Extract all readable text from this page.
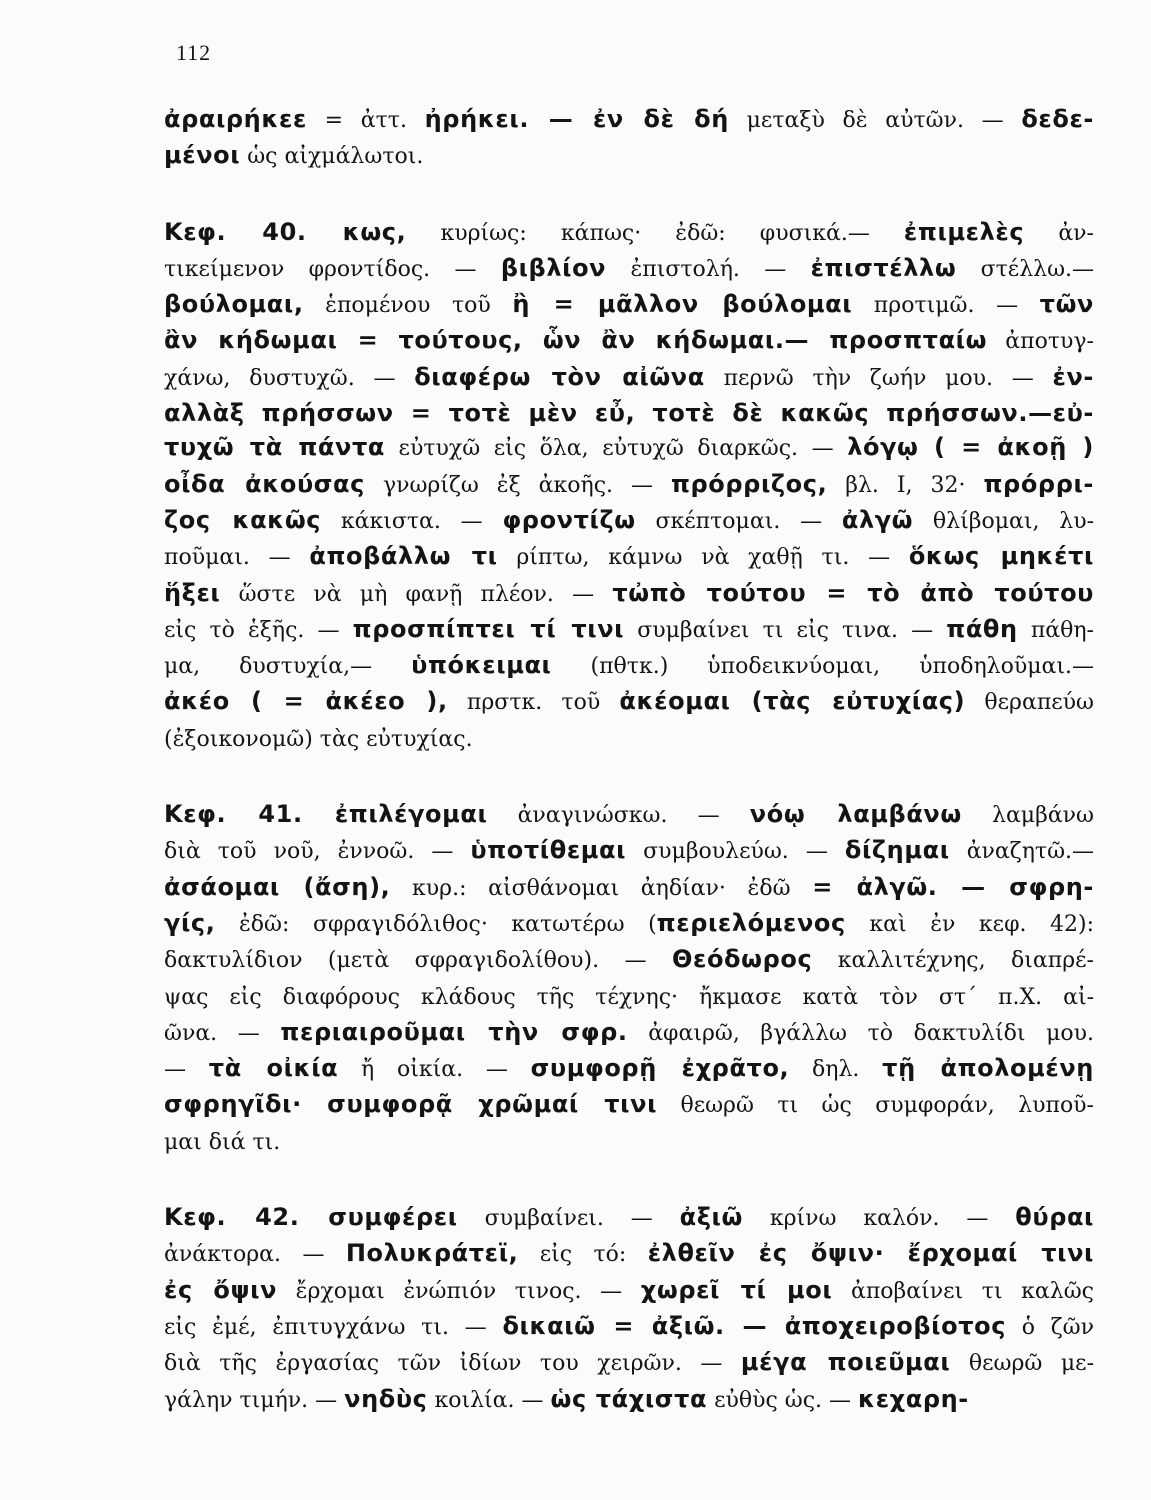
112
ἀραιρήκεε = ἀττ. ἠρήκει. — ἐν δὲ δή μεταξὺ δὲ αὐτῶν. — δεδε-
μένοι ὡς αἰχμάλωτοι.
Κεφ. 40. κως, κυρίως: κάπως· ἐδῶ: φυσικά.— ἐπιμελὲς ἀν-
τικείμενον φροντίδος. — βιβλίον ἐπιστολή. — ἐπιστέλλω στέλλω.—
βούλομαι, ἑπομένου τοῦ ἢ = μᾶλλον βούλομαι προτιμῶ. — τῶν
ἂν κήδωμαι = τούτους, ὧν ἂν κήδωμαι.— προσπταίω ἀποτυγ-
χάνω, δυστυχῶ. — διαφέρω τὸν αἰῶνα περνῶ τὴν ζωήν μου. — ἐν-
αλλὰξ πρήσσων = τοτὲ μὲν εὖ, τοτὲ δὲ κακῶς πρήσσων.—εὐ-
τυχῶ τὰ πάντα εὐτυχῶ εἰς ὅλα, εὐτυχῶ διαρκῶς. — λόγῳ ( = ἀκοῇ )
οἶδα ἀκούσας γνωρίζω ἐξ ἀκοῆς. — πρόρριζος, βλ. I, 32· πρόρρι-
ζος κακῶς κάκιστα. — φροντίζω σκέπτομαι. — ἀλγῶ θλίβομαι, λυ-
ποῦμαι. — ἀποβάλλω τι ρίπτω, κάμνω νὰ χαθῇ τι. — ὅκως μηκέτι
ἥξει ὥστε νὰ μὴ φανῇ πλέον. — τὠπὸ τούτου = τὸ ἀπὸ τούτου
εἰς τὸ ἑξῆς. — προσπίπτει τί τινι συμβαίνει τι εἰς τινα. — πάθη πάθη-
μα, δυστυχία,— ὑπόκειμαι (πθτκ.) ὑποδεικνύομαι, ὑποδηλοῦμαι.—
ἀκέο ( = ἀκέεο ), πρστκ. τοῦ ἀκέομαι (τὰς εὐτυχίας) θεραπεύω
(ἐξοικονομῶ) τὰς εὐτυχίας.
Κεφ. 41. ἐπιλέγομαι ἀναγινώσκω. — νόῳ λαμβάνω λαμβάνω
διὰ τοῦ νοῦ, ἐννοῶ. — ὑποτίθεμαι συμβουλεύω. — δίζημαι ἀναζητῶ.—
ἀσάομαι (ἄση), κυρ.: αἰσθάνομαι ἀηδίαν· ἐδῶ = ἀλγῶ. — σφρη-
γίς, ἐδῶ: σφραγιδόλιθος· κατωτέρω (περιελόμενος καὶ ἐν κεφ. 42):
δακτυλίδιον (μετὰ σφραγιδολίθου). — Θεόδωρος καλλιτέχνης, διαπρέ-
ψας εἰς διαφόρους κλάδους τῆς τέχνης· ἤκμασε κατὰ τὸν στ΄ π.Χ. αἰ-
ῶνα. — περιαιροῦμαι τὴν σφρ. ἀφαιρῶ, βγάλλω τὸ δακτυλίδι μου.
— τὰ οἰκία ἤ οἰκία. — συμφορῇ ἐχρᾶτο, δηλ. τῇ ἀπολομένῃ
σφρηγῖδι· συμφορᾷ χρῶμαί τινι θεωρῶ τι ὡς συμφοράν, λυποῦ-
μαι διά τι.
Κεφ. 42. συμφέρει συμβαίνει. — ἀξιῶ κρίνω καλόν. — θύραι
ἀνάκτορα. — Πολυκράτεϊ, εἰς τό: ἐλθεῖν ἐς ὄψιν· ἔρχομαί τινι
ἐς ὄψιν ἔρχομαι ἐνώπιόν τινος. — χωρεῖ τί μοι ἀποβαίνει τι καλῶς
εἰς ἐμέ, ἐπιτυγχάνω τι. — δικαιῶ = ἀξιῶ. — ἀποχειροβίοτος ὁ ζῶν
διὰ τῆς ἐργασίας τῶν ἰδίων του χειρῶν. — μέγα ποιεῦμαι θεωρῶ με-
γάλην τιμήν. — νηδὺς κοιλία. — ὡς τάχιστα εὐθὺς ὡς. — κεχαρη-
